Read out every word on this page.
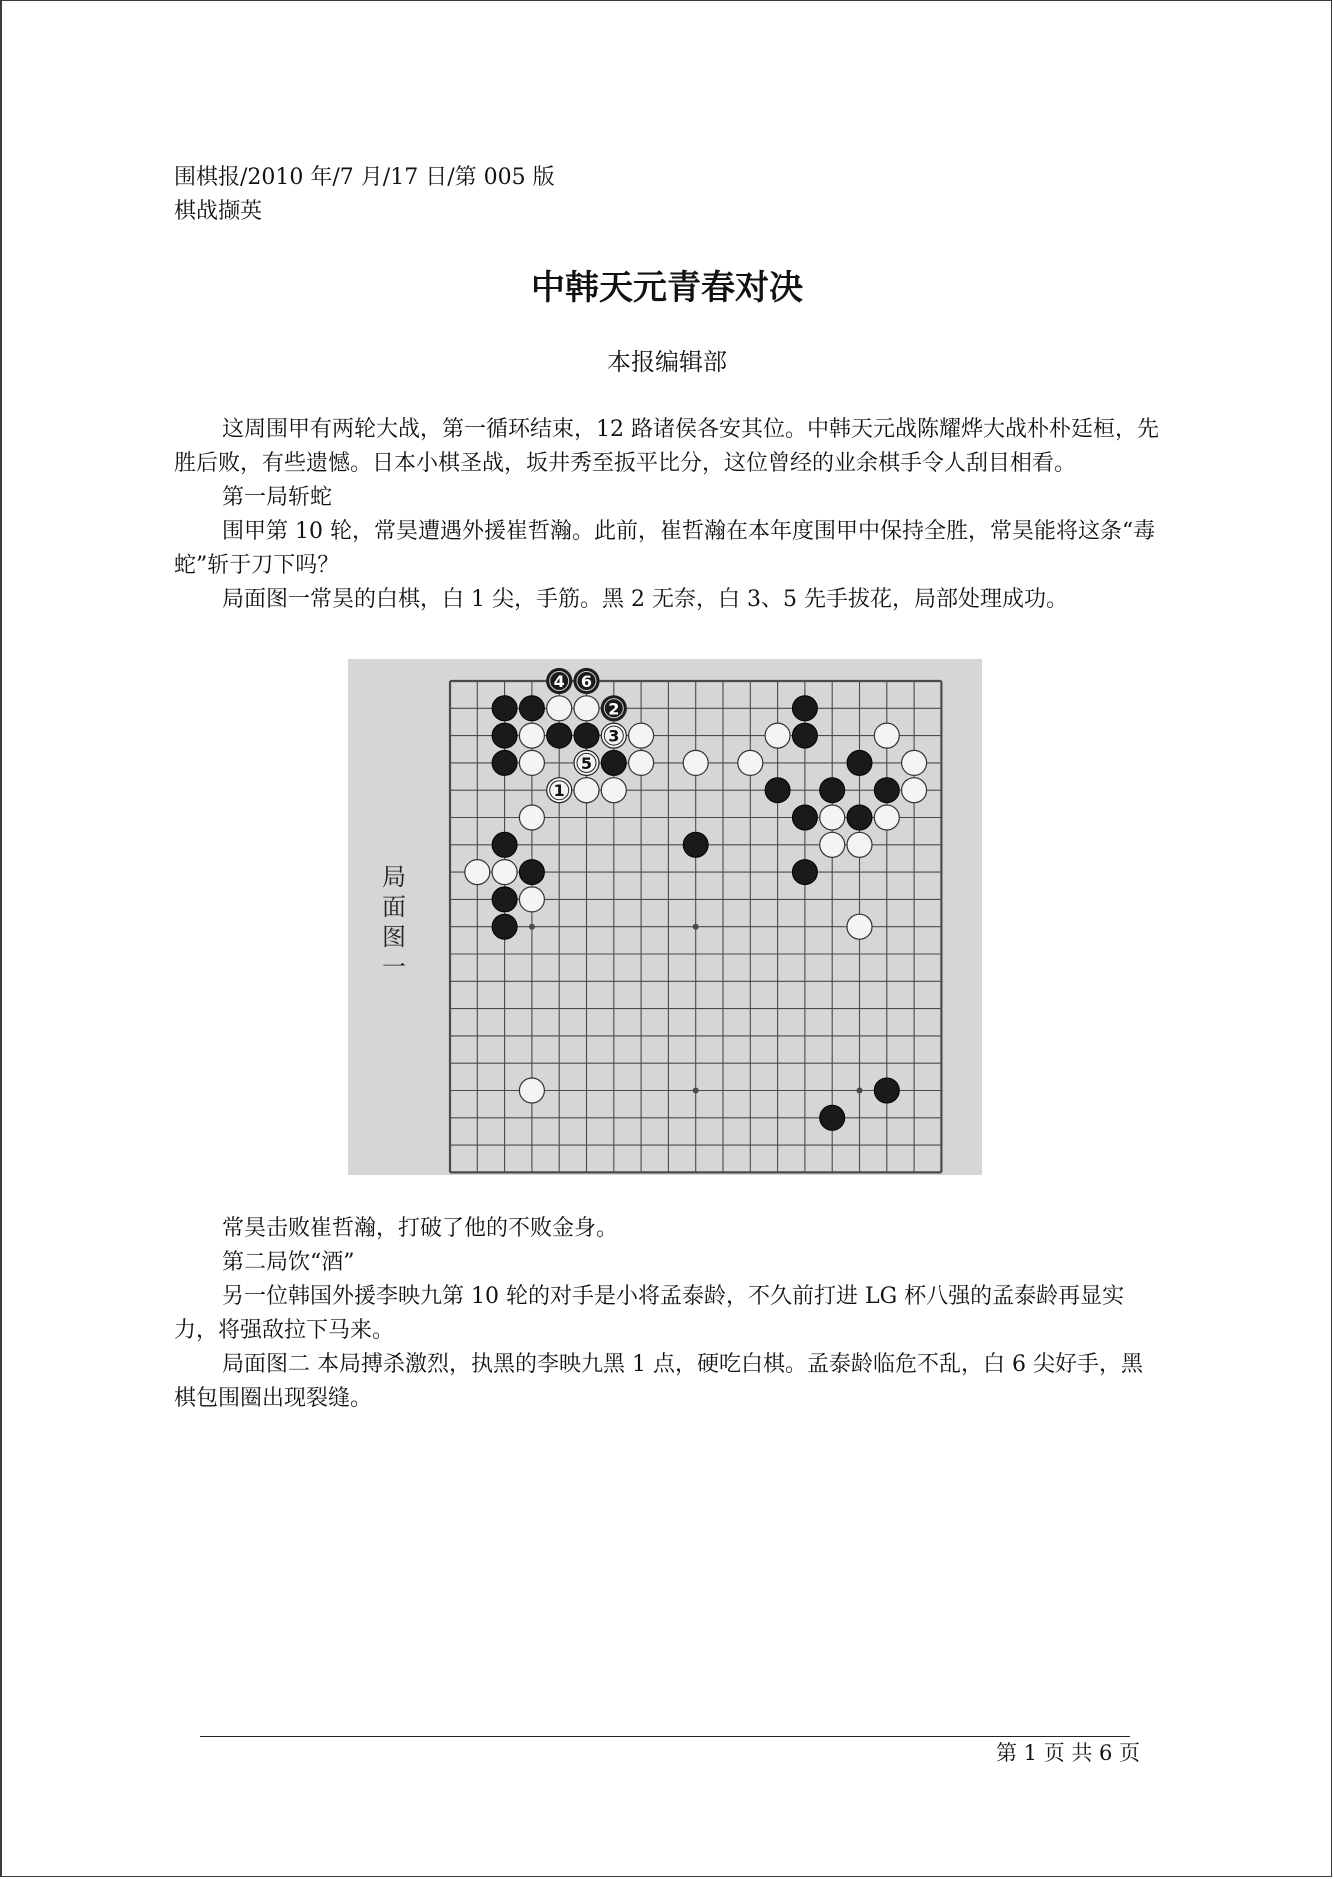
围棋报/2010 年/7 月/17 日/第 005 版
棋战撷英
中韩天元青春对决
本报编辑部

这周围甲有两轮大战，第一循环结束，12 路诸侯各安其位。中韩天元战陈耀烨大战朴朴廷桓，先胜后败，有些遗憾。日本小棋圣战，坂井秀至扳平比分，这位曾经的业余棋手令人刮目相看。

第一局斩蛇

围甲第 10 轮，常昊遭遇外援崔哲瀚。此前，崔哲瀚在本年度围甲中保持全胜，常昊能将这条“毒蛇”斩于刀下吗？

局面图一常昊的白棋，白 1 尖，手筋。黑 2 无奈，白 3、5 先手拔花，局部处理成功。

4 6
2
3
5
1
局
面
图
一

常昊击败崔哲瀚，打破了他的不败金身。

第二局饮“酒”

另一位韩国外援李映九第 10 轮的对手是小将孟泰龄，不久前打进 LG 杯八强的孟泰龄再显实力，将强敌拉下马来。

局面图二 本局搏杀激烈，执黑的李映九黑 1 点，硬吃白棋。孟泰龄临危不乱，白 6 尖好手，黑棋包围圈出现裂缝。

第 1 页 共 6 页
